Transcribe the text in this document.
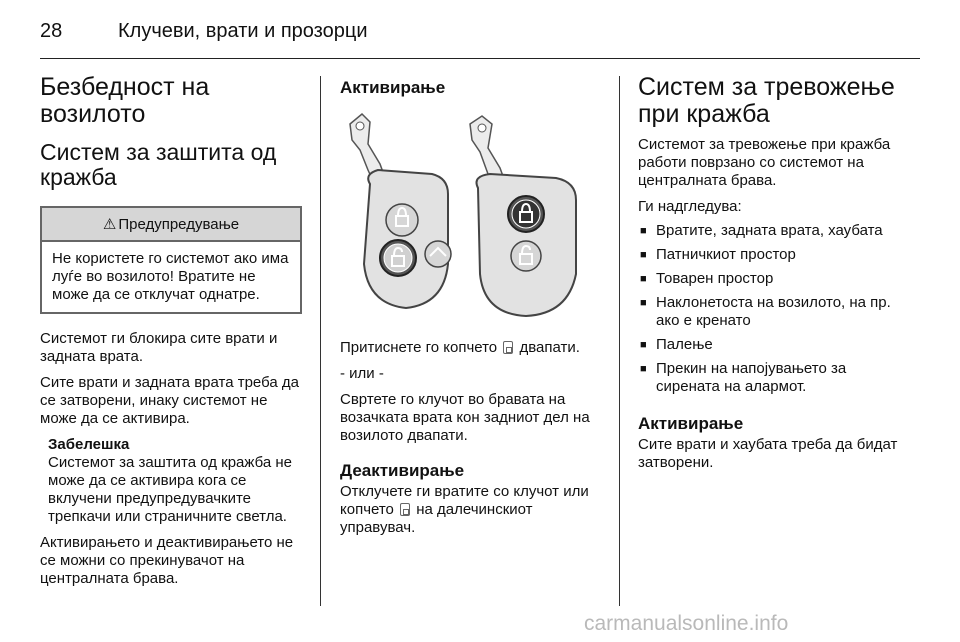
28	Клучеви, врати и прозорци
Безбедност на возилото
Систем за заштита од кражба
⚠ Предупредување
Не користете го системот ако има луѓе во возилото! Вратите не може да се отклучат однатре.

Системот ги блокира сите врати и задната врата.

Сите врати и задната врата треба да се затворени, инаку системот не може да се активира.

Забелешка
Системот за заштита од кражба не може да се активира кога се вклучени предупредувачките трепкачи или страничните светла.

Активирањето и деактивирањето не се можни со прекинувачот на централната брава.

Активирање

Притиснете го копчето двапати.

- или -

Свртете го клучот во бравата на возачката врата кон задниот дел на возилото двапати.

Деактивирање

Отклучете ги вратите со клучот или копчето на далечинскиот управувач.

Систем за тревожење при кражба

Системот за тревожење при кражба работи поврзано со системот на централната брава.

Ги надгледува:

■ Вратите, задната врата, хаубата
■ Патничкиот простор
■ Товарен простор
■ Наклонетоста на возилото, на пр. ако е кренато
■ Палење
■ Прекин на напојувањето за сирената на алармот.
Активирање

Сите врати и хаубата треба да бидат затворени.

carmanualsonline.info
